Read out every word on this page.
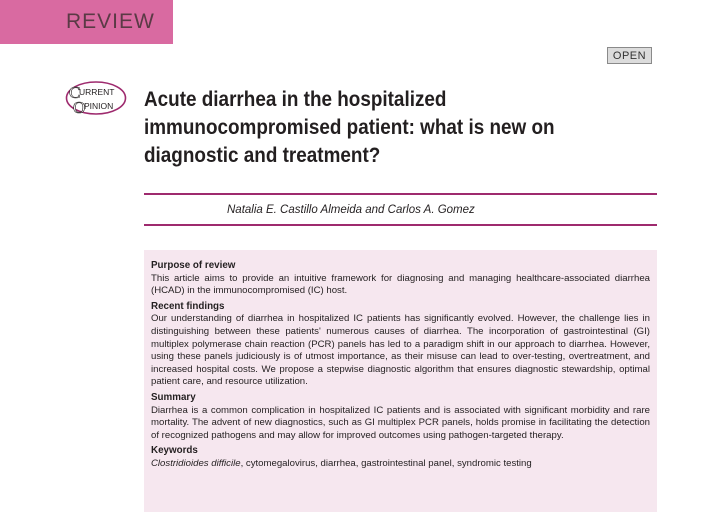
REVIEW
OPEN
C
URRENT
O
PINION Acute diarrhea in the hospitalized immunocompromised patient: what is new on diagnostic and treatment?
Natalia E. Castillo Almeida and Carlos A. Gomez
Purpose of review

This article aims to provide an intuitive framework for diagnosing and managing healthcare-associated diarrhea (HCAD) in the immunocompromised (IC) host.

Recent findings

Our understanding of diarrhea in hospitalized IC patients has significantly evolved. However, the challenge lies in distinguishing between these patients' numerous causes of diarrhea. The incorporation of gastrointestinal (GI) multiplex polymerase chain reaction (PCR) panels has led to a paradigm shift in our approach to diarrhea. However, using these panels judiciously is of utmost importance, as their misuse can lead to over-testing, overtreatment, and increased hospital costs. We propose a stepwise diagnostic algorithm that ensures diagnostic stewardship, optimal patient care, and resource utilization.

Summary

Diarrhea is a common complication in hospitalized IC patients and is associated with significant morbidity and rare mortality. The advent of new diagnostics, such as GI multiplex PCR panels, holds promise in facilitating the detection of recognized pathogens and may allow for improved outcomes using pathogen-targeted therapy.

Keywords

Clostridioides difficile, cytomegalovirus, diarrhea, gastrointestinal panel, syndromic testing
